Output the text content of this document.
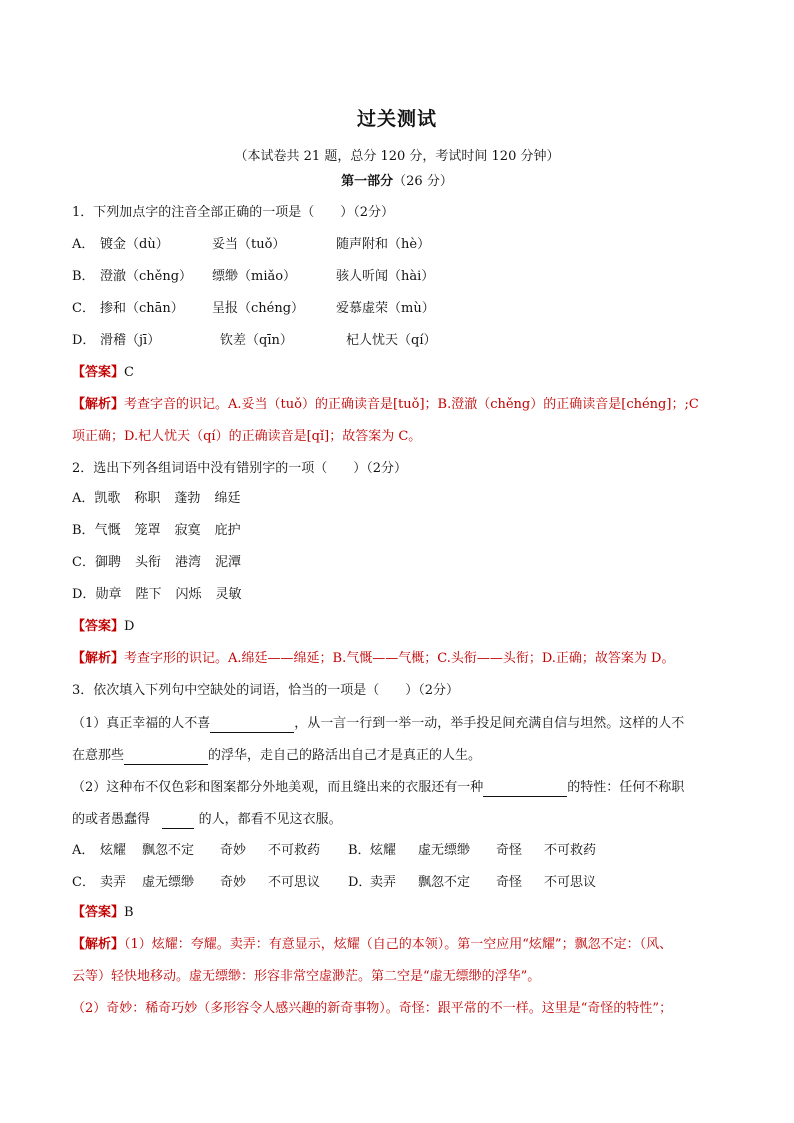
过关测试
（本试卷共 21 题，总分 120 分，考试时间 120 分钟）
第一部分（26 分）
1．下列加点字的注音全部正确的一项是（　　）（2分）
A． 镀金（dù）	妥当（tuǒ）	随声附和（hè）
B． 澄澈（chěng） 缥缈（miǎo）	骇人听闻（hài）
C． 掺和（chān） 呈报（chéng） 爱慕虚荣（mù）
D． 滑稽（jī）	钦差（qīn）	杞人忧天（qí）
【答案】C
【解析】考查字音的识记。A.妥当（tuǒ）的正确读音是[tuǒ]；B.澄澈（chěng）的正确读音是[chéng]；;C
项正确；D.杞人忧天（qí）的正确读音是[qǐ]；故答案为 C。
2．选出下列各组词语中没有错别字的一项（　　）（2分）
A．凯歌 称职 蓬勃 绵廷
B．气慨 笼罩 寂寞 庇护
C．御聘 头衔 港湾 泥潭
D．勋章 陛下 闪烁 灵敏
【答案】D
【解析】考查字形的识记。A.绵廷——绵延；B.气慨——气概；C.头衔——头衔；D.正确；故答案为 D。
3．依次填入下列句中空缺处的词语，恰当的一项是（　　）（2分）
（1）真正幸福的人不喜	，从一言一行到一举一动，举手投足间充满自信与坦然。这样的人不
在意那些	的浮华，走自己的路活出自己才是真正的人生。
（2）这种布不仅色彩和图案都分外地美观，而且缝出来的衣服还有一种	的特性：任何不称职
的或者愚蠢得	的人，都看不见这衣服。
A． 炫耀 飘忽不定 奇妙 不可救药 B． 炫耀 虚无缥缈 奇怪 不可救药
C． 卖弄 虚无缥缈 奇妙 不可思议 D．
卖弄 飘忽不定 奇怪 不可思议
【答案】B
【解析】（1）炫耀：夸耀。卖弄：有意显示，炫耀（自己的本领）。第一空应用“炫耀”；飘忽不定：（风、
云等）轻快地移动。虚无缥缈：形容非常空虚渺茫。第二空是“虚无缥缈的浮华”。
（2）奇妙：稀奇巧妙（多形容令人感兴趣的新奇事物）。奇怪：跟平常的不一样。这里是“奇怪的特性”；
